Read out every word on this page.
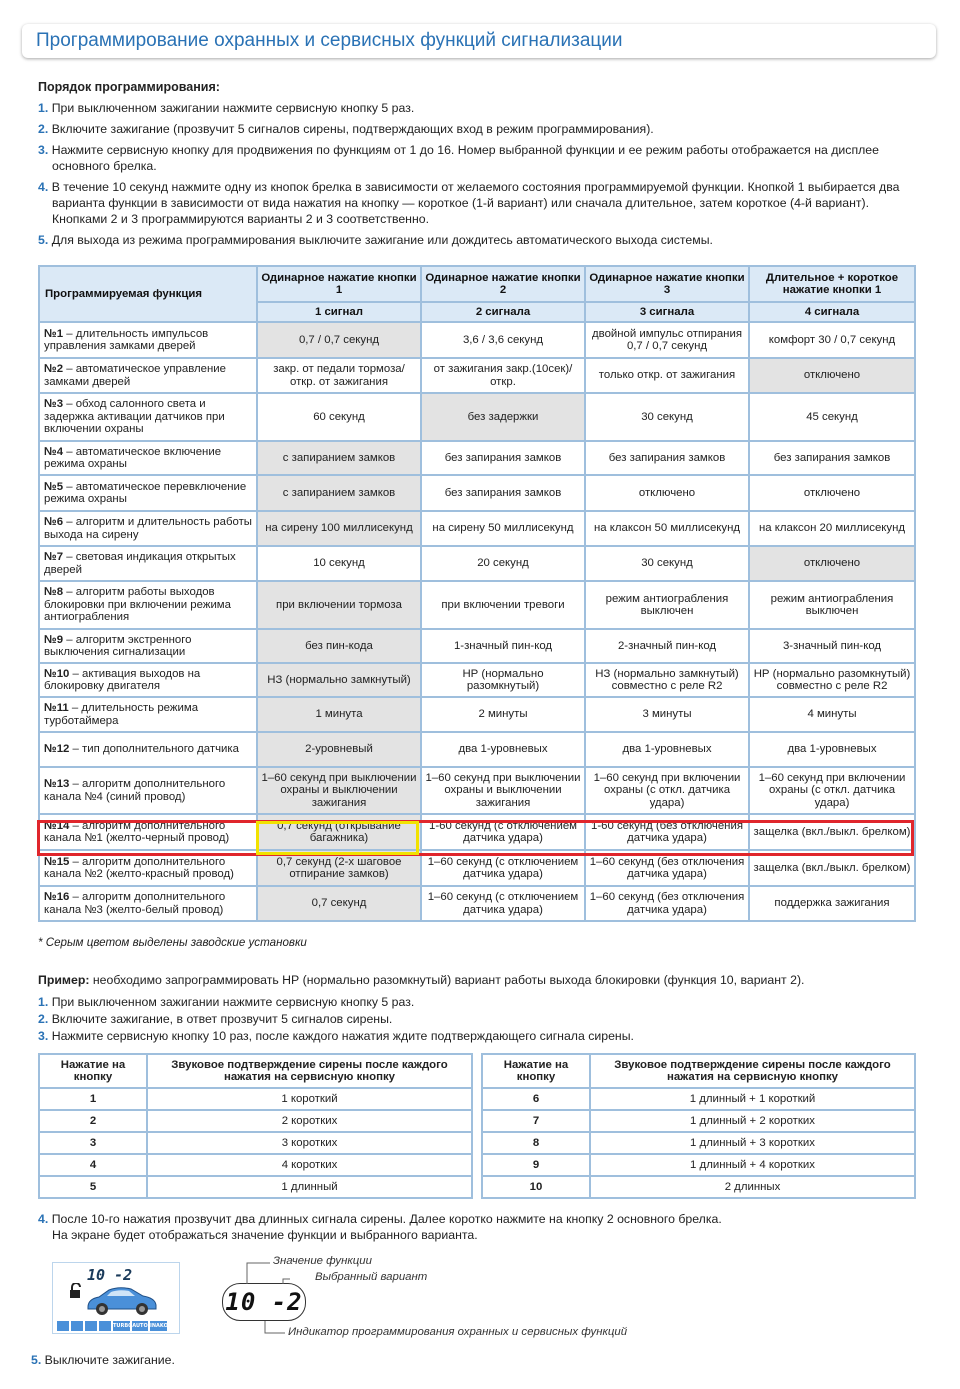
Программирование охранных и сервисных функций сигнализации
Порядок программирования:
1. При выключенном зажигании нажмите сервисную кнопку 5 раз.
2. Включите зажигание (прозвучит 5 сигналов сирены, подтверждающих вход в режим программирования).
3. Нажмите сервисную кнопку для продвижения по функциям от 1 до 16. Номер выбранной функции и ее режим работы отображается на дисплее основного брелка.
4. В течение 10 секунд нажмите одну из кнопок брелка в зависимости от желаемого состояния программируемой функции. Кнопкой 1 выбирается два варианта функции в зависимости от вида нажатия на кнопку — короткое (1-й вариант) или сначала длительное, затем короткое (4-й вариант). Кнопками 2 и 3 программируются варианты 2 и 3 соответственно.
5. Для выхода из режима программирования выключите зажигание или дождитесь автоматического выхода системы.
Программируемая функция	Одинарное нажатие кнопки 1	Одинарное нажатие кнопки 2	Одинарное нажатие кнопки 3	Длительное + короткое нажатие кнопки 1
	1 сигнал	2 сигнала	3 сигнала	4 сигнала
№1 – длительность импульсов управления замками дверей	0,7 / 0,7 секунд	3,6 / 3,6 секунд	двойной импульс отпирания 0,7 / 0,7 секунд	комфорт 30 / 0,7 секунд
№2 – автоматическое управление замками дверей	закр. от педали тормоза/ откр. от зажигания	от зажигания закр.(10сек)/ откр.	только откр. от зажигания	отключено
№3 – обход салонного света и задержка активации датчиков при включении охраны	60 секунд	без задержки	30 секунд	45 секунд
№4 – автоматическое включение режима охраны	с запиранием замков	без запирания замков	без запирания замков	без запирания замков
№5 – автоматическое перевключение режима охраны	с запиранием замков	без запирания замков	отключено	отключено
№6 – алгоритм и длительность работы выхода на сирену	на сирену 100 миллисекунд	на сирену 50 миллисекунд	на клаксон 50 миллисекунд	на клаксон 20 миллисекунд
№7 – световая индикация открытых дверей	10 секунд	20 секунд	30 секунд	отключено
№8 – алгоритм работы выходов блокировки при включении режима антиограбления	при включении тормоза	при включении тревоги	режим антиограбления выключен	режим антиограбления выключен
№9 – алгоритм экстренного выключения сигнализации	без пин-кода	1-значный пин-код	2-значный пин-код	3-значный пин-код
№10 – активация выходов на блокировку двигателя	НЗ (нормально замкнутый)	НР (нормально разомкнутый)	НЗ (нормально замкнутый) совместно с реле R2	НР (нормально разомкнутый) совместно с реле R2
№11 – длительность режима турботаймера	1 минута	2 минуты	3 минуты	4 минуты
№12 – тип дополнительного датчика	2-уровневый	два 1-уровневых	два 1-уровневых	два 1-уровневых
№13 – алгоритм дополнительного канала №4 (синий провод)	1–60 секунд при выключении охраны и выключении зажигания	1–60 секунд при выключении охраны и выключении зажигания	1–60 секунд при включении охраны (с откл. датчика удара)	1–60 секунд при включении охраны (с откл. датчика удара)
№14 – алгоритм дополнительного канала №1 (желто-черный провод)	0,7 секунд (открывание багажника)	1-60 секунд (с отключением датчика удара)	1-60 секунд (без отключения датчика удара)	защелка (вкл./выкл. брелком)
№15 – алгоритм дополнительного канала №2 (желто-красный провод)	0,7 секунд (2-х шаговое отпирание замков)	1–60 секунд (с отключением датчика удара)	1–60 секунд (без отключения датчика удара)	защелка (вкл./выкл. брелком)
№16 – алгоритм дополнительного канала №3 (желто-белый провод)	0,7 секунд	1–60 секунд (с отключением датчика удара)	1–60 секунд (без отключения датчика удара)	поддержка зажигания
* Серым цветом выделены заводские установки
Пример: необходимо запрограммировать НР (нормально разомкнутый) вариант работы выхода блокировки (функция 10, вариант 2).
1. При выключенном зажигании нажмите сервисную кнопку 5 раз.
2. Включите зажигание, в ответ прозвучит 5 сигналов сирены.
3. Нажмите сервисную кнопку 10 раз, после каждого нажатия ждите подтверждающего сигнала сирены.
Нажатие на кнопку	Звуковое подтверждение сирены после каждого нажатия на сервисную кнопку
1	1 короткий
2	2 коротких
3	3 коротких
4	4 коротких
5	1 длинный
Нажатие на кнопку	Звуковое подтверждение сирены после каждого нажатия на сервисную кнопку
6	1 длинный + 1 короткий
7	1 длинный + 2 коротких
8	1 длинный + 3 коротких
9	1 длинный + 4 коротких
10	2 длинных
4. После 10-го нажатия прозвучит два длинных сигнала сирены. Далее коротко нажмите на кнопку 2 основного брелка.
На экране будет отображаться значение функции и выбранного варианта.
10 -2
TURBO AUTO INAKO
10 -2
Значение функции
Выбранный вариант
Индикатор программирования охранных и сервисных функций
5. Выключите зажигание.
